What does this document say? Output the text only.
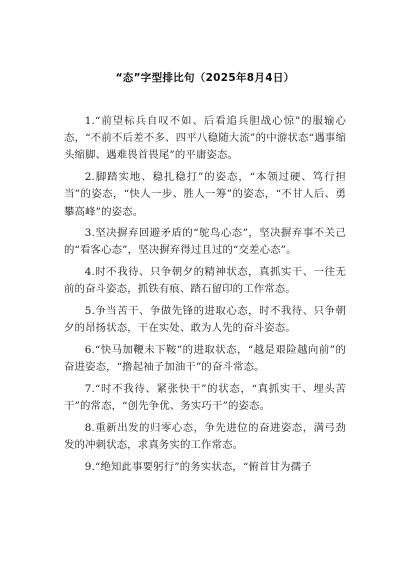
“态”字型排比句（2025年8月4日）

1.“前望标兵自叹不如、后看追兵胆战心惊”的服输心态，“不前不后差不多、四平八稳随大流”的中游状态“遇事缩头缩脚、遇难畏首畏尾”的平庸姿态。

2.脚踏实地、稳扎稳打”的姿态，“本领过硬、笃行担当”的姿态，“快人一步、胜人一筹”的姿态，“不甘人后、勇攀高峰”的姿态。

3.坚决摒弃回避矛盾的“鸵鸟心态”，坚决摒弃事不关己的“看客心态”，坚决摒弃得过且过的“交差心态”。

4.时不我待、只争朝夕的精神状态，真抓实干、一往无前的奋斗姿态，抓铁有痕、踏石留印的工作常态。

5.争当苦干、争做先锋的进取心态，时不我待、只争朝夕的昂扬状态，干在实处、敢为人先的奋斗姿态。

6.“快马加鞭未下鞍”的进取状态，“越是艰险越向前”的奋进姿态，“撸起袖子加油干”的奋斗常态。

7.“时不我待、紧张快干”的状态，“真抓实干、埋头苦干”的常态，“创先争优、务实巧干”的姿态。

8.重新出发的归零心态，争先进位的奋进姿态，满弓劲发的冲刺状态，求真务实的工作常态。

9.“绝知此事要躬行”的务实状态，“俯首甘为孺子
